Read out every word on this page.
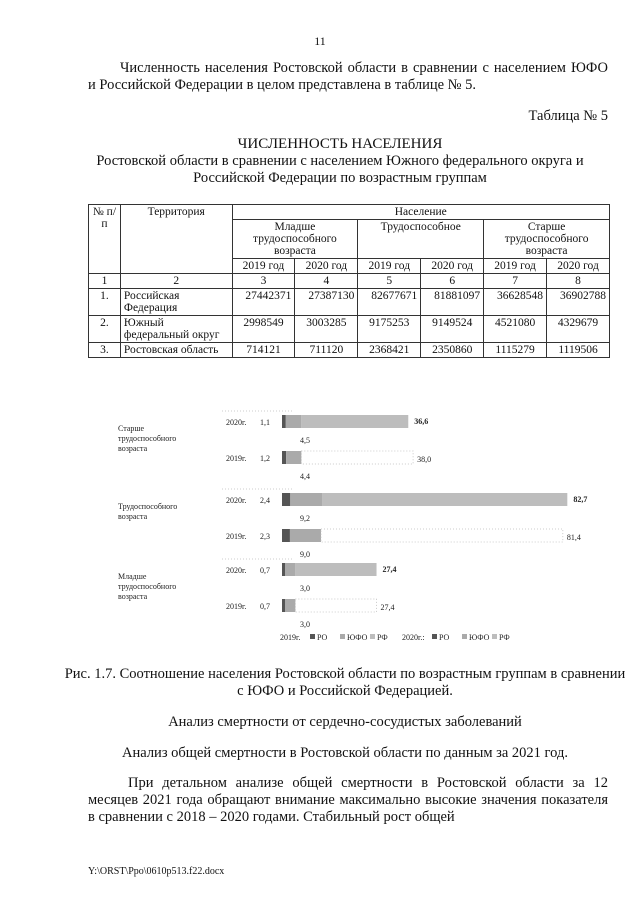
11
Численность населения Ростовской области в сравнении с населением ЮФО и Российской Федерации в целом представлена в таблице № 5.
Таблица № 5
ЧИСЛЕННОСТЬ НАСЕЛЕНИЯ
Ростовской области в сравнении с населением Южного федерального округа и Российской Федерации по возрастным группам
№ п/п	Территория	Население					
		Младше трудоспособного возраста		Трудоспособное		Старше трудоспособного возраста	
		2019 год	2020 год	2019 год	2020 год	2019 год	2020 год
1	2	3	4	5	6	7	8
1.	Российская Федерация	27442371	27387130	82677671	81881097	36628548	36902788
2.	Южный федеральный округ	2998549	3003285	9175253	9149524	4521080	4329679
3.	Ростовская область	714121	711120	2368421	2350860	1115279	1119506
Старше
трудоспособного
возраста
2020г. 1,1
4,5
36,6
2019г. 1,2
4,4
38,0
Трудоспособного
возраста
2020г. 2,4
9,2
82,7
2019г. 2,3
9,0
81,4
Младше
трудоспособного
возраста
2020г. 0,7
3,0
27,4
2019г. 0,7
3,0
27,4
2019г. РО ЮФО РФ 2020г.: РО ЮФО РФ
Рис. 1.7. Соотношение населения Ростовской области по возрастным группам в сравнении с ЮФО и Российской Федерацией.
Анализ смертности от сердечно-сосудистых заболеваний
Анализ общей смертности в Ростовской области по данным за 2021 год.
При детальном анализе общей смертности в Ростовской области за 12 месяцев 2021 года обращают внимание максимально высокие значения показателя в сравнении с 2018 – 2020 годами. Стабильный рост общей
Y:\ORST\Ppo\0610p513.f22.docx
